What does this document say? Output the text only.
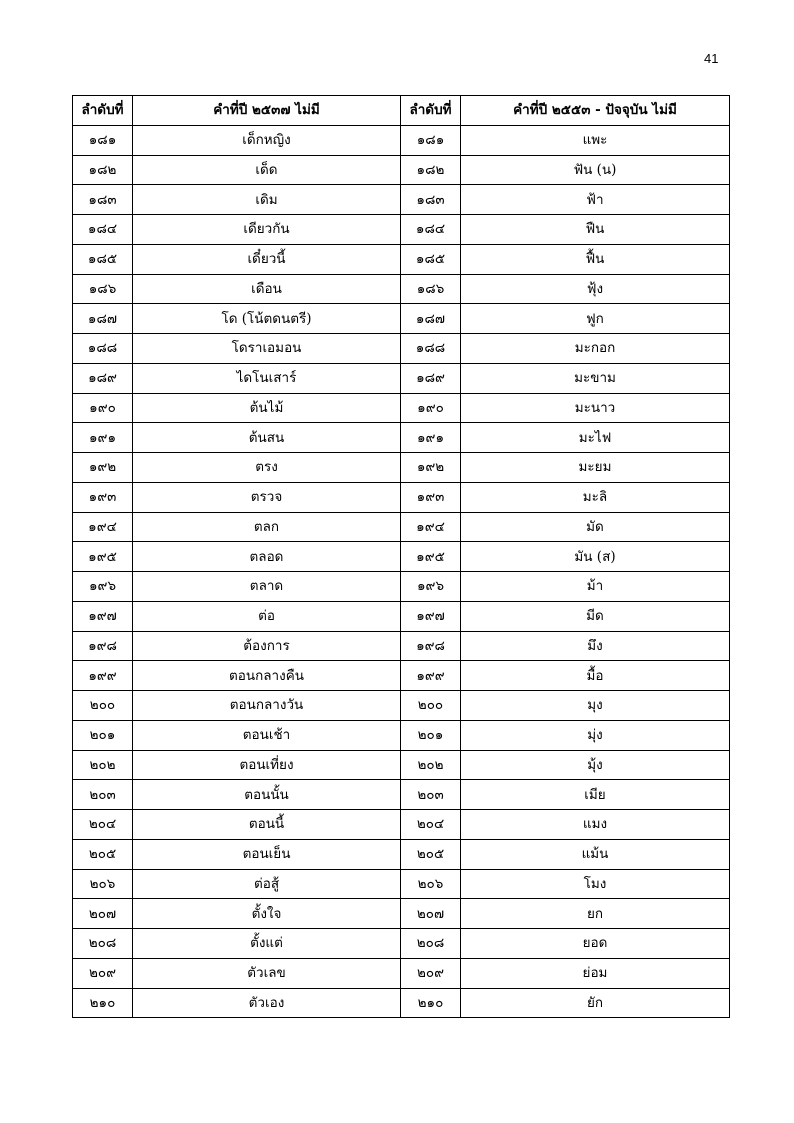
41
ลำดับที่	คำที่ปี ๒๕๓๗ ไม่มี	ลำดับที่	คำที่ปี ๒๕๕๓ - ปัจจุบัน ไม่มี
๑๘๑	เด็กหญิง	๑๘๑	แพะ
๑๘๒	เด็ด	๑๘๒	ฟัน (น)
๑๘๓	เดิม	๑๘๓	ฟ้า
๑๘๔	เดียวกัน	๑๘๔	ฟืน
๑๘๕	เดี๋ยวนี้	๑๘๕	ฟื้น
๑๘๖	เดือน	๑๘๖	ฟุ้ง
๑๘๗	โด (โน้ตดนตรี)	๑๘๗	ฟูก
๑๘๘	โดราเอมอน	๑๘๘	มะกอก
๑๘๙	ไดโนเสาร์	๑๘๙	มะขาม
๑๙๐	ต้นไม้	๑๙๐	มะนาว
๑๙๑	ต้นสน	๑๙๑	มะไฟ
๑๙๒	ตรง	๑๙๒	มะยม
๑๙๓	ตรวจ	๑๙๓	มะลิ
๑๙๔	ตลก	๑๙๔	มัด
๑๙๕	ตลอด	๑๙๕	มัน (ส)
๑๙๖	ตลาด	๑๙๖	ม้า
๑๙๗	ต่อ	๑๙๗	มีด
๑๙๘	ต้องการ	๑๙๘	มึง
๑๙๙	ตอนกลางคืน	๑๙๙	มื้อ
๒๐๐	ตอนกลางวัน	๒๐๐	มุง
๒๐๑	ตอนเช้า	๒๐๑	มุ่ง
๒๐๒	ตอนเที่ยง	๒๐๒	มุ้ง
๒๐๓	ตอนนั้น	๒๐๓	เมีย
๒๐๔	ตอนนี้	๒๐๔	แมง
๒๐๕	ตอนเย็น	๒๐๕	แม้น
๒๐๖	ต่อสู้	๒๐๖	โมง
๒๐๗	ตั้งใจ	๒๐๗	ยก
๒๐๘	ตั้งแต่	๒๐๘	ยอด
๒๐๙	ตัวเลข	๒๐๙	ย่อม
๒๑๐	ตัวเอง	๒๑๐	ยัก
